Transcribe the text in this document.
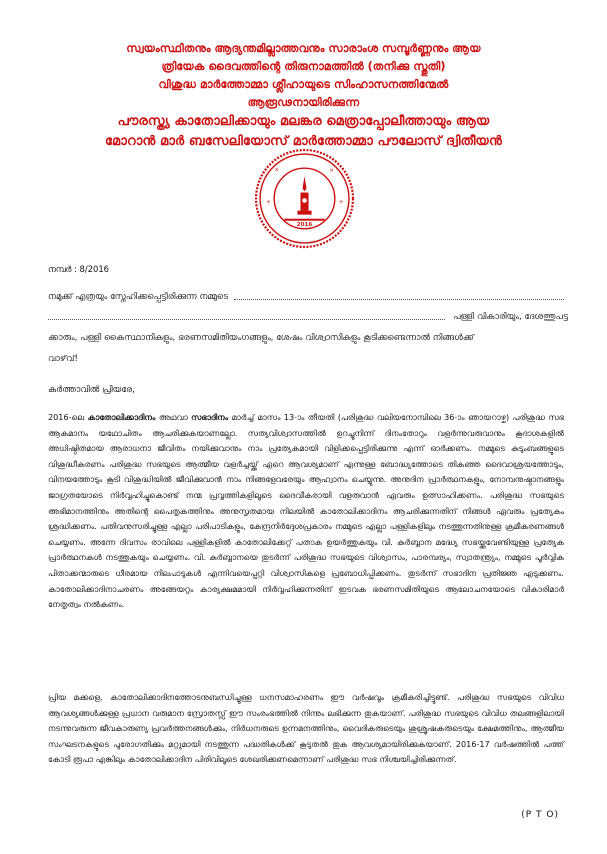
സ്വയംസ്ഥിതനും ആദ്യന്തമില്ലാത്തവനും സാരാംശ സമ്പൂർണ്ണനും ആയ
ത്രിയേക ദൈവത്തിന്റെ തിരുനാമത്തിൽ (തനിക്കു സ്തുതി)
വിശുദ്ധ മാർത്തോമ്മാ ശ്ലീഹായുടെ സിംഹാസനത്തിന്മേൽ
ആരൂഢനായിരിക്കുന്ന
പൗരസ്ത്യ കാതോലിക്കായും മലങ്കര മെത്രാപ്പോലീത്തായും ആയ
മോറാൻ മാർ ബസേലിയോസ് മാർത്തോമ്മാ പൗലോസ് ദ്വിതീയൻ
✛	✛
✛	✛
2016
നമ്പർ : 8/2016
നമുക്ക് എത്രയും സ്നേഹിക്കപ്പെട്ടിരിക്കുന്ന നമ്മുടെ
പള്ളി വികാരിയും, ദേശത്തുപട്ട
ക്കാരും, പള്ളി കൈസ്ഥാനികളും, ഭരണസമിതിയംഗങ്ങളും, ശേഷം വിശ്വാസികളും കൂടിക്കണ്ടെന്നാൽ നിങ്ങൾക്ക്
വാഴ്‌വ്!
കർത്താവിൽ പ്രിയരേ,
2016-ലെ കാതോലിക്കാദിനം അഥവാ സഭാദിനം മാർച്ച് മാസം 13-ാം തീയതി (പരിശുദ്ധ വലിയനോമ്പിലെ 36-ാം ഞായറാഴ്ച) പരിശുദ്ധ സഭ ആകമാനം യഥോചിതം ആചരിക്കുകയാണല്ലോ. സത്യവിശ്വാസത്തിൽ ഉറച്ചുനിന്ന് ദിനംതോറും വളർന്നുവരുവാനും കൂദാശകളിൽ അധിഷ്ഠിതമായ ആരാധനാ ജീവിതം നയിക്കുവാനും നാം പ്രത്യേകമായി വിളിക്കപ്പെട്ടിരിക്കുന്നു എന്ന് ഓർക്കണം. നമ്മുടെ കുടുംബങ്ങളുടെ വിശുദ്ധീകരണം പരിശുദ്ധ സഭയുടെ ആത്മീയ വളർച്ചയ്ക്ക് ഏറെ ആവശ്യമാണ് എന്നുള്ള ബോദ്ധ്യത്തോടെ തികഞ്ഞ ദൈവാശ്രയത്തോടും, വിനയത്തോടും കൂടി വിശുദ്ധിയിൽ ജീവിക്കുവാൻ നാം നിങ്ങളേവരേയും ആഹ്വാനം ചെയ്യുന്നു. അനുദിന പ്രാർത്ഥനകളും, നോമ്പനുഷ്ഠാനങ്ങളും ജാഗ്രതയോടെ നിർവ്വഹിച്ചുകൊണ്ട് നന്മ പ്രവൃത്തികളിലൂടെ ദൈവീകരായി വളരുവാൻ ഏവരും ഉത്സാഹിക്കണം. പരിശുദ്ധ സഭയുടെ അഭിമാനത്തിനും അതിന്റെ പൈതൃകത്തിനും അനുസൃതമായ നിലയിൽ കാതോലിക്കാദിനം ആചരിക്കുന്നതിന് നിങ്ങൾ ഏവരും പ്രത്യേകം ശ്രദ്ധിക്കണം. പതിവനുസരിച്ചുള്ള എല്ലാ പരിപാടികളും, കേന്ദ്രനിർദ്ദേശപ്രകാരം നമ്മുടെ എല്ലാ പള്ളികളിലും നടത്തുന്നതിനുള്ള ക്രമീകരണങ്ങൾ ചെയ്യണം. അന്നേ ദിവസം രാവിലെ പള്ളികളിൽ കാതോലിക്കേറ്റ് പതാക ഉയർത്തുകയും വി. കുർബ്ബാന മദ്ധ്യേ സഭയ്ക്കുവേണ്ടിയുള്ള പ്രത്യേക പ്രാർത്ഥനകൾ നടത്തുകയും ചെയ്യണം. വി. കുർബ്ബാനയെ തുടർന്ന് പരിശുദ്ധ സഭയുടെ വിശ്വാസം, പാരമ്പര്യം, സ്വാതന്ത്ര്യം, നമ്മുടെ പൂർവ്വിക പിതാക്കന്മാരുടെ ധീരമായ നിലപാടുകൾ എന്നിവയെപ്പറ്റി വിശ്വാസികളെ പ്രബോധിപ്പിക്കണം. തുടർന്ന് സഭാദിന പ്രതിജ്ഞ എടുക്കണം. കാതോലിക്കാദിനാചരണം അങ്ങേയറ്റം കാര്യക്ഷമമായി നിർവ്വഹിക്കുന്നതിന് ഇടവക ഭരണസമിതിയുടെ ആലോചനയോടെ വികാരിമാർ നേതൃത്വം നൽകണം.
പ്രിയ മക്കളെ, കാതോലിക്കാദിനത്തോടനുബന്ധിച്ചുള്ള ധനസമാഹരണം ഈ വർഷവും ക്രമീകരിച്ചിട്ടുണ്ട്. പരിശുദ്ധ സഭയുടെ വിവിധ ആവശ്യങ്ങൾക്കുള്ള പ്രധാന വരുമാന സ്രോതസ്സ് ഈ സംരംഭത്തിൽ നിന്നും ലഭിക്കുന്ന തുകയാണ്. പരിശുദ്ധ സഭയുടെ വിവിധ തലങ്ങളിലായി നടന്നുവരുന്ന ജീവകാരുണ്യ പ്രവർത്തനങ്ങൾക്കും, നിർധനരുടെ ഉന്നമനത്തിനും, വൈദികരുടെയും ശുശ്രൂഷകരുടെയും ക്ഷേമത്തിനും, ആത്മീയ സംഘടനകളുടെ പുരോഗതിക്കും മറ്റുമായി നടത്തുന്ന പദ്ധതികൾക്ക് കൂടുതൽ തുക ആവശ്യമായിരിക്കുകയാണ്. 2016-17 വർഷത്തിൽ പത്ത് കോടി രൂപാ എങ്കിലും കാതോലിക്കാദിന പിരിവിലൂടെ ശേഖരിക്കണമെന്നാണ് പരിശുദ്ധ സഭ നിശ്ചയിച്ചിരിക്കുന്നത്.
(P T O)
